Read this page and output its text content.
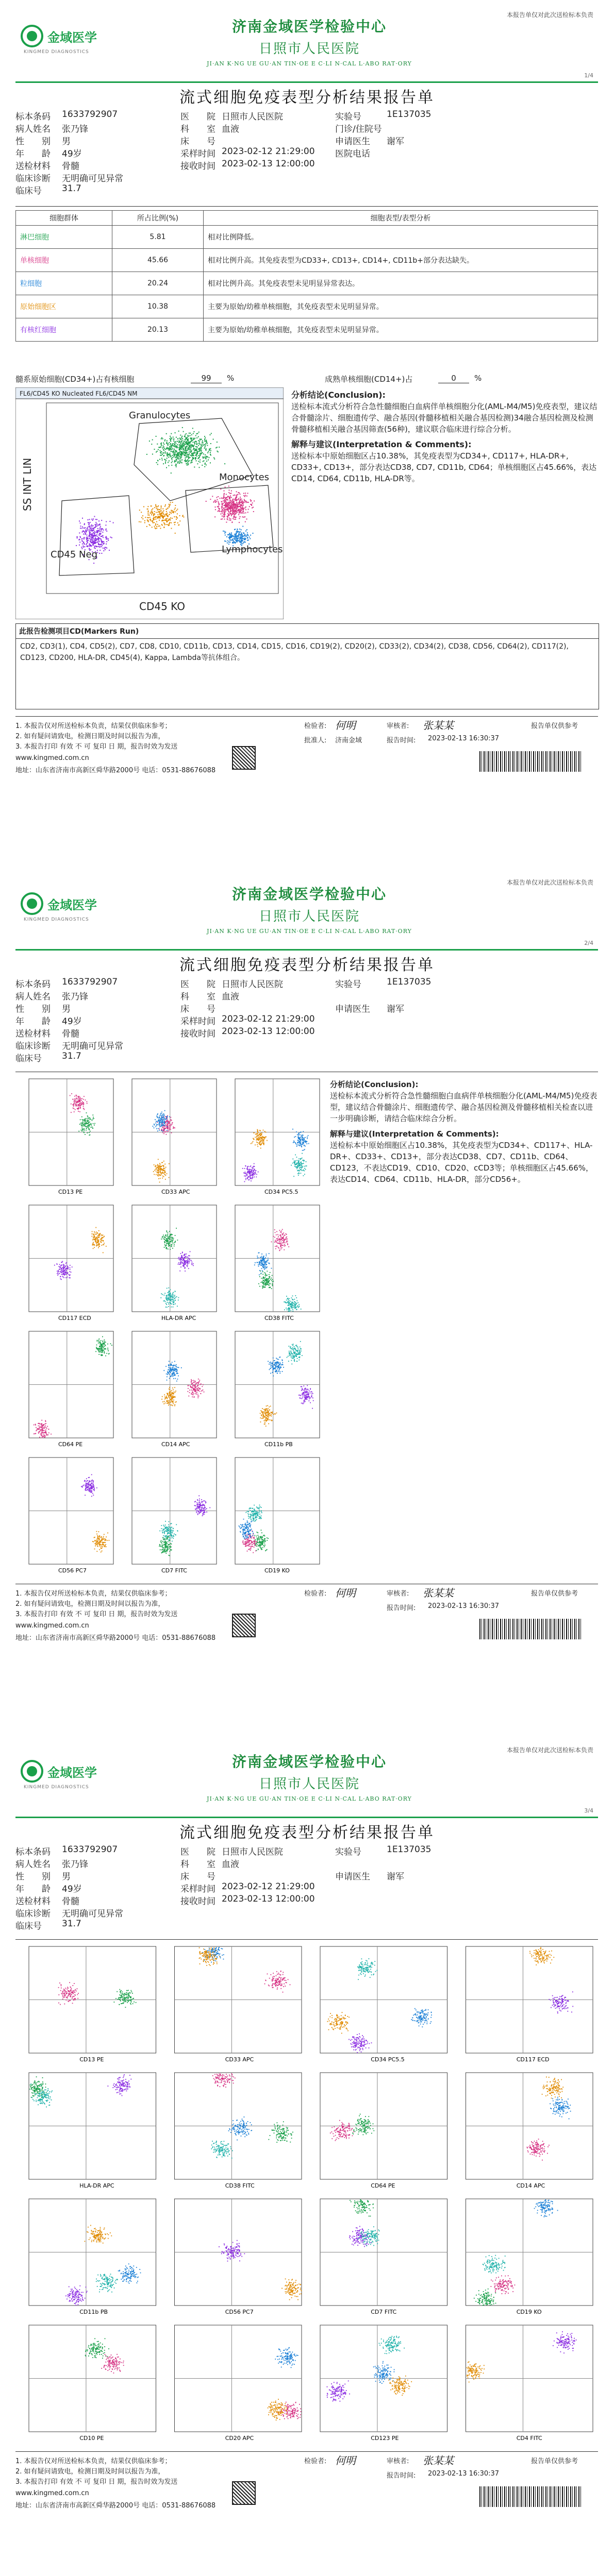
金域医学
KINGMED DIAGNOSTICS
济南金域医学检验中心
日照市人民医院
JI·AN K·NG UE GU·AN TIN·OE E C·LI N·CAL L·ABO RAT·ORY
本报告单仅对此次送检标本负责
1/4
流式细胞免疫表型分析结果报告单
标本条码 1633792907	医　　院 日照市人民医院	实验号	1E137035
病人姓名 张乃锋	科　　室 血液	门诊/住院号
性　　别 男	床　　号	申请医生 谢军
年　　龄 49岁	采样时间 2023-02-12 21:29:00 医院电话
送检材料 骨髓	接收时间 2023-02-13 12:00:00
临床诊断 无明确可见异常
临床号 31.7
细胞群体	所占比例(%)	细胞表型/表型分析
淋巴细胞	5.81	相对比例降低。
单核细胞	45.66	相对比例升高。其免疫表型为CD33+, CD13+, CD14+, CD11b+部分表达缺失。
粒细胞	20.24	相对比例升高。其免疫表型未见明显异常表达。
原始细胞区	10.38	主要为原始/幼稚单核细胞，其免疫表型未见明显异常。
有核红细胞	20.13	主要为原始/幼稚单核细胞，其免疫表型未见明显异常。
髓系原始细胞(CD34+)占有核细胞	99	%	成熟单核细胞(CD14+)占	0	%
FL6/CD45 KO Nucleated FL6/CD45 NM
Granulocytes
Monocytes
CD45 Neg	Lymphocytes
CD45 KO
SS INT LIN

分析结论(Conclusion):

送检标本流式分析符合急性髓细胞白血病伴单核细胞分化(AML-M4/M5)免疫表型，建议结合骨髓涂片、细胞遗传学、融合基因(骨髓移植相关融合基因检测)34融合基因检测及检测骨髓移植相关融合基因筛查(56种)，建议联合临床进行综合分析。

解释与建议(Interpretation & Comments):

送检标本中原始细胞区占10.38%，其免疫表型为CD34+, CD117+, HLA-DR+, CD33+, CD13+，部分表达CD38, CD7, CD11b, CD64；单核细胞区占45.66%，表达CD14, CD64, CD11b, HLA-DR等。

此报告检测项目CD(Markers Run)
CD2, CD3(1), CD4, CD5(2), CD7, CD8, CD10, CD11b, CD13, CD14, CD15, CD16, CD19(2), CD20(2), CD33(2), CD34(2), CD38, CD56, CD64(2), CD117(2), CD123, CD200, HLA-DR, CD45(4), Kappa, Lambda等抗体组合。
1. 本报告仅对所送检标本负责，结果仅供临床参考；
2. 如有疑问请致电，检测日期及时间以报告为准，
3. 本报告打印 有效 不 可 复印 日 期，报告时效为发送
检验者: 何明	审核者: 张某某
批准人: 济南金域	报告时间: 2023-02-13 16:30:37
www.kingmed.com.cn
地址：山东省济南市高新区舜华路2000号 电话：0531-88676088
报告单仅供参考
金域医学
KINGMED DIAGNOSTICS
济南金域医学检验中心
日照市人民医院
JI·AN K·NG UE GU·AN TIN·OE E C·LI N·CAL L·ABO RAT·ORY
本报告单仅对此次送检标本负责
2/4
流式细胞免疫表型分析结果报告单
标本条码 1633792907	医　　院 日照市人民医院	实验号	1E137035
病人姓名 张乃锋	科　　室 血液
性　　别 男	床　　号	申请医生 谢军
年　　龄 49岁	采样时间 2023-02-12 21:29:00
送检材料 骨髓	接收时间 2023-02-13 12:00:00
临床诊断 无明确可见异常
临床号 31.7
CD13 PE	CD33 APC	CD34 PC5.5
CD117 ECD	HLA-DR APC	CD38 FITC
CD64 PE	CD14 APC	CD11b PB
CD56 PC7	CD7 FITC	CD19 KO

分析结论(Conclusion):

送检标本流式分析符合急性髓细胞白血病伴单核细胞分化(AML-M4/M5)免疫表型，建议结合骨髓涂片、细胞遗传学、融合基因检测及骨髓移植相关检查以进一步明确诊断，请结合临床综合分析。

解释与建议(Interpretation & Comments):

送检标本中原始细胞区占10.38%，其免疫表型为CD34+、CD117+、HLA-DR+、CD33+、CD13+，部分表达CD38、CD7、CD11b、CD64、CD123，不表达CD19、CD10、CD20、cCD3等；单核细胞区占45.66%，表达CD14、CD64、CD11b、HLA-DR，部分CD56+。

1. 本报告仅对所送检标本负责，结果仅供临床参考；
2. 如有疑问请致电，检测日期及时间以报告为准，
3. 本报告打印 有效 不 可 复印 日 期，报告时效为发送
检验者: 何明	审核者: 张某某
报告时间: 2023-02-13 16:30:37
www.kingmed.com.cn
地址：山东省济南市高新区舜华路2000号 电话：0531-88676088
报告单仅供参考
金域医学
KINGMED DIAGNOSTICS
济南金域医学检验中心
日照市人民医院
JI·AN K·NG UE GU·AN TIN·OE E C·LI N·CAL L·ABO RAT·ORY
本报告单仅对此次送检标本负责
3/4
流式细胞免疫表型分析结果报告单
标本条码 1633792907	医　　院 日照市人民医院	实验号	1E137035
病人姓名 张乃锋	科　　室 血液
性　　别 男	床　　号	申请医生 谢军
年　　龄 49岁	采样时间 2023-02-12 21:29:00
送检材料 骨髓	接收时间 2023-02-13 12:00:00
临床诊断 无明确可见异常
临床号 31.7
CD13 PE	CD33 APC	CD34 PC5.5	CD117 ECD
HLA-DR APC	CD38 FITC	CD64 PE	CD14 APC
CD11b PB	CD56 PC7	CD7 FITC	CD19 KO
CD10 PE	CD20 APC	CD123 PE	CD4 FITC
1. 本报告仅对所送检标本负责，结果仅供临床参考；
2. 如有疑问请致电，检测日期及时间以报告为准，
3. 本报告打印 有效 不 可 复印 日 期，报告时效为发送
检验者: 何明	审核者: 张某某
报告时间: 2023-02-13 16:30:37
www.kingmed.com.cn
地址：山东省济南市高新区舜华路2000号 电话：0531-88676088
报告单仅供参考
